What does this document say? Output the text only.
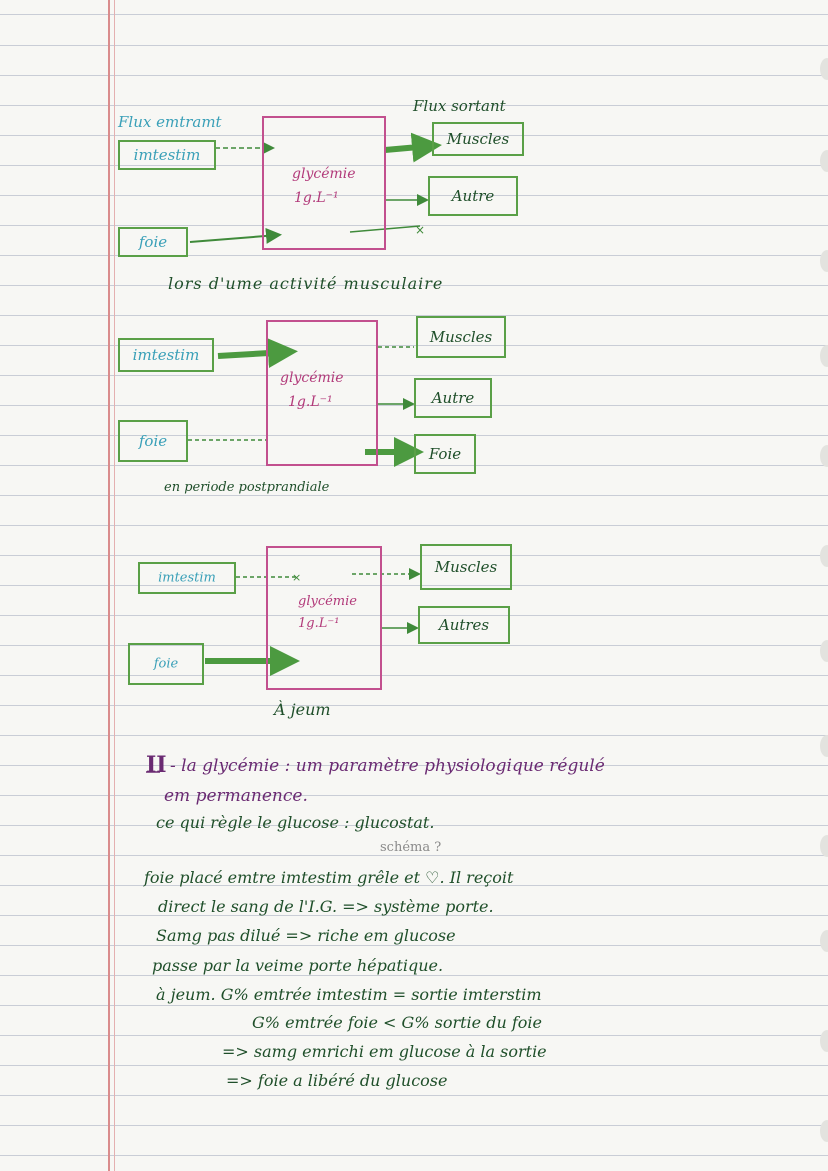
×
×
Flux emtramt
Flux sortant
imtestim
foie
glycémie
1g.L⁻¹
Muscles
Autre
lors d'ume activité musculaire
imtestim
foie
glycémie
1g.L⁻¹
Muscles
Autre
Foie
en periode postprandiale
imtestim
foie
glycémie
1g.L⁻¹
Muscles
Autres
À jeum
II - la glycémie : um paramètre physiologique régulé
em permanence.
ce qui règle le glucose : glucostat.
schéma ?
foie placé emtre imtestim grêle et ♡. Il reçoit
direct le sang de l'I.G. => système porte.
Samg pas dilué => riche em glucose
passe par la veime porte hépatique.
à jeum. G% emtrée imtestim = sortie imterstim
G% emtrée foie < G% sortie du foie
=> samg emrichi em glucose à la sortie
=> foie a libéré du glucose
